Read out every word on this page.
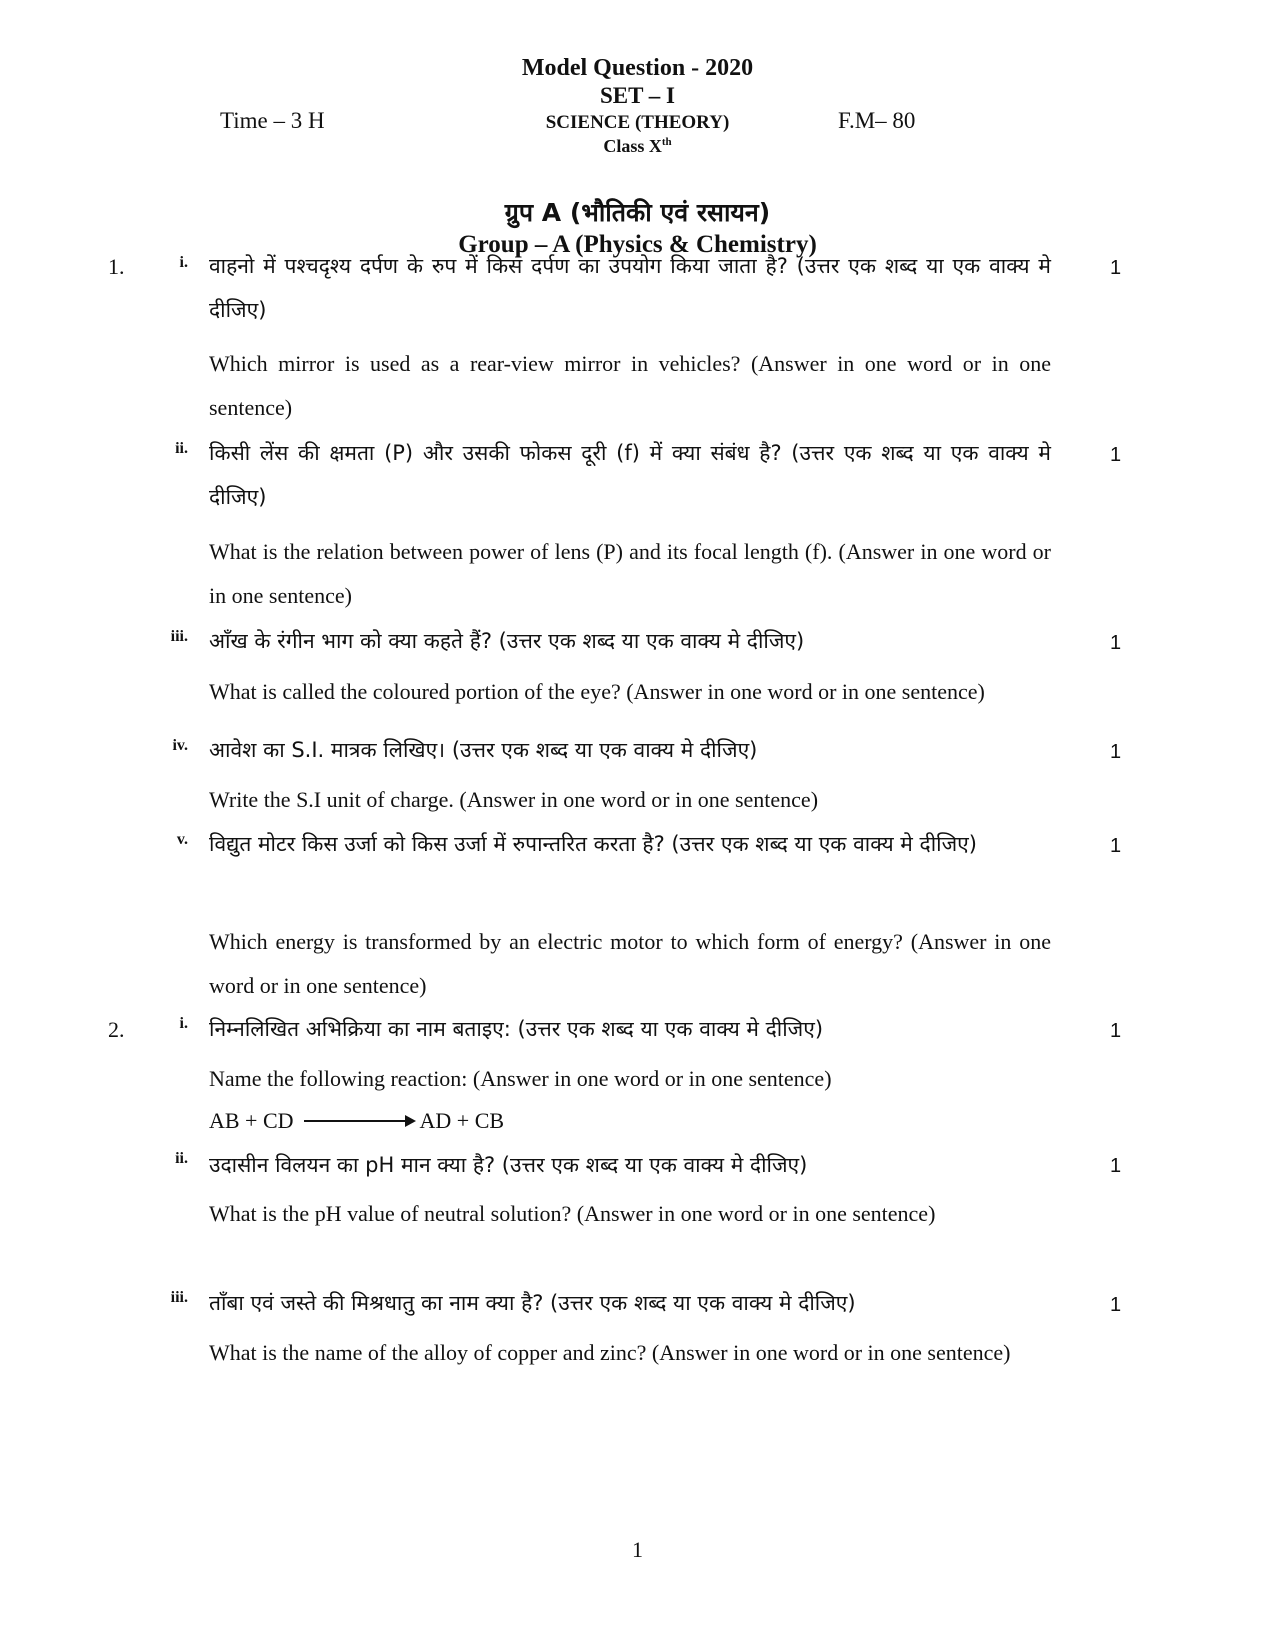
Model Question - 2020
SET – I
SCIENCE (THEORY)
Class Xth
Time – 3 H	F.M– 80
ग्रुप A (भौतिकी एवं रसायन)
Group – A (Physics & Chemistry)
1.	i. वाहनो में पश्चदृश्य दर्पण के रुप में किस दर्पण का उपयोग किया जाता है? (उत्तर एक शब्द या एक वाक्य मे दीजिए)
Which mirror is used as a rear-view mirror in vehicles? (Answer in one word or in one sentence)
1
ii. किसी लेंस की क्षमता (P) और उसकी फोकस दूरी (f) में क्या संबंध है? (उत्तर एक शब्द या एक वाक्य मे दीजिए)
What is the relation between power of lens (P) and its focal length (f). (Answer in one word or in one sentence)
1
iii. आँख के रंगीन भाग को क्या कहते हैं? (उत्तर एक शब्द या एक वाक्य मे दीजिए)
What is called the coloured portion of the eye? (Answer in one word or in one sentence)
1
iv. आवेश का S.I. मात्रक लिखिए। (उत्तर एक शब्द या एक वाक्य मे दीजिए)
Write the S.I unit of charge. (Answer in one word or in one sentence)
1
v. विद्युत मोटर किस उर्जा को किस उर्जा में रुपान्तरित करता है? (उत्तर एक शब्द या एक वाक्य मे दीजिए)
Which energy is transformed by an electric motor to which form of energy? (Answer in one word or in one sentence)
1
2.	i. निम्नलिखित अभिक्रिया का नाम बताइए: (उत्तर एक शब्द या एक वाक्य मे दीजिए)
Name the following reaction: (Answer in one word or in one sentence)
AB + CD	AD + CB
1
ii. उदासीन विलयन का pH मान क्या है? (उत्तर एक शब्द या एक वाक्य मे दीजिए)
What is the pH value of neutral solution? (Answer in one word or in one sentence)
1
iii. ताँबा एवं जस्ते की मिश्रधातु का नाम क्या है? (उत्तर एक शब्द या एक वाक्य मे दीजिए)
What is the name of the alloy of copper and zinc? (Answer in one word or in one sentence)
1
1
